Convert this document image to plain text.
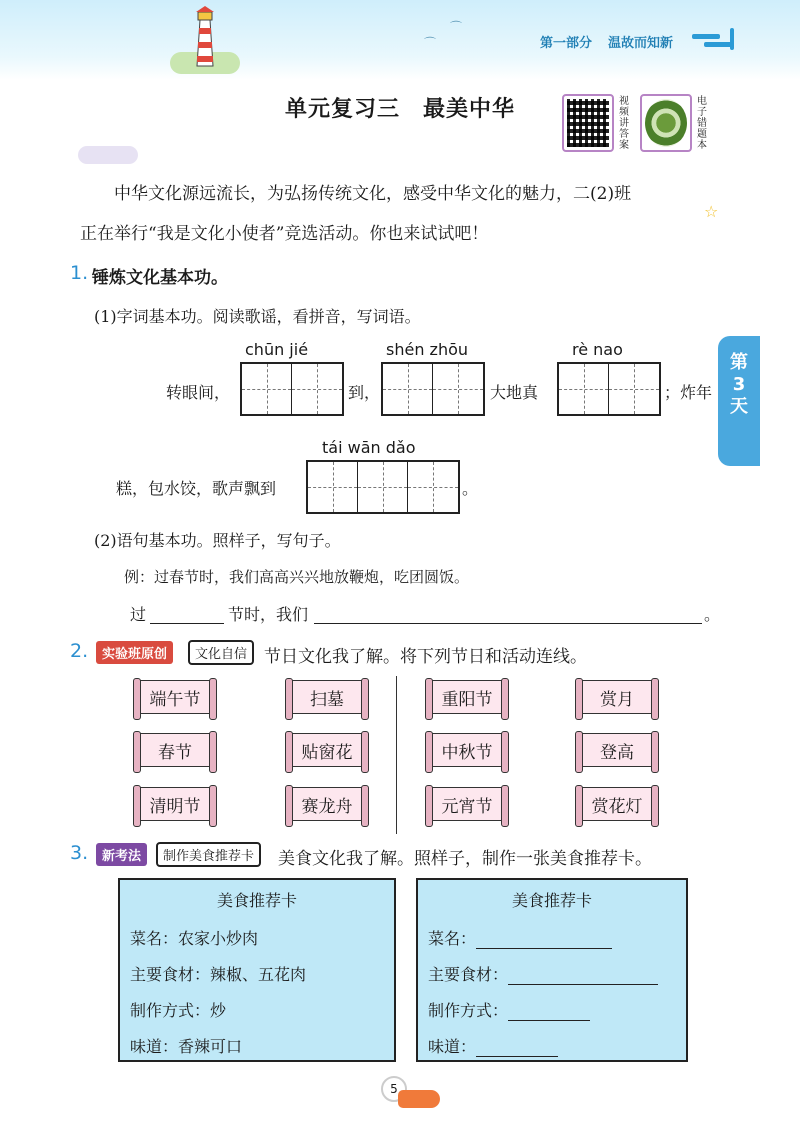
⌒
⌒	第一部分 温故而知新
单元复习三　最美中华	视频讲答案
电子错题本

中华文化源远流长，为弘扬传统文化，感受中华文化的魅力，二(2)班

正在举行“我是文化小使者”竞选活动。你也来试试吧！
☆
第
3
天
1. 锤炼文化基本功。
(1)字词基本功。阅读歌谣，看拼音，写词语。
chūn jié	shén zhōu	rè nao
转眼间，	到，	大地真	；炸年
tái wān dǎo
糕，包水饺，歌声飘到	。
(2)语句基本功。照样子，写句子。
例：过春节时，我们高高兴兴地放鞭炮，吃团圆饭。
过	节时，我们	。
2.	实验班原创	文化自信 节日文化我了解。将下列节日和活动连线。
端午节
春节
清明节
扫墓
贴窗花
赛龙舟
重阳节
中秋节
元宵节
赏月
登高
赏花灯
3.	新考法	制作美食推荐卡	美食文化我了解。照样子，制作一张美食推荐卡。
美食推荐卡
菜名：农家小炒肉
主要食材：辣椒、五花肉
制作方式：炒
味道：香辣可口
美食推荐卡
菜名：
主要食材：
制作方式：
味道：
5
